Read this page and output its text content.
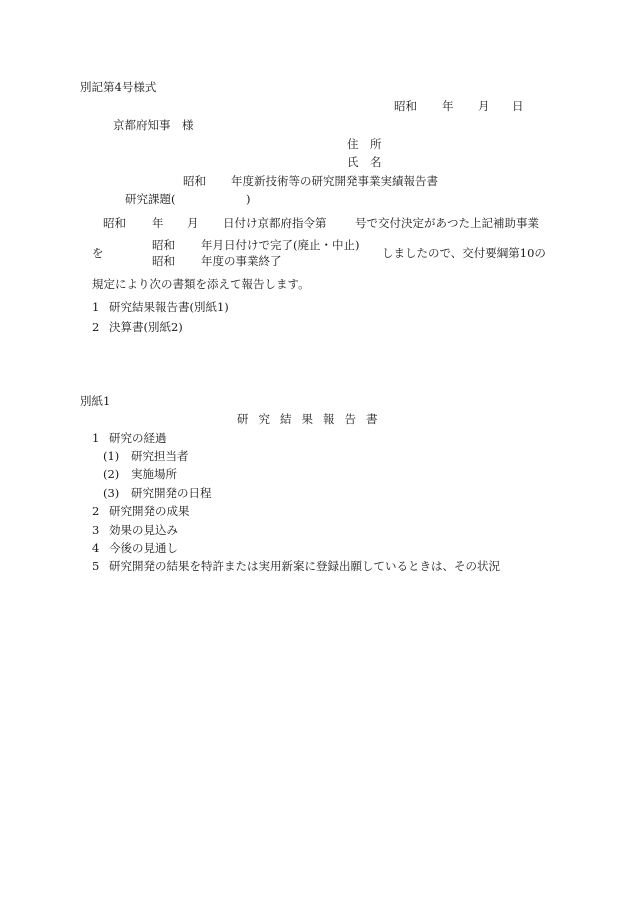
別記第4号様式
昭和 年 月 日
京都府知事　様
住　所
氏　名
昭和 年度新技術等の研究開発事業実績報告書
研究課題(	)
昭和 年 月 日付け京都府指令第 号で交付決定があつた上記補助事業
を
昭和 年月日付けで完了(廃止・中止)
昭和 年度の事業終了
しましたので、交付要綱第10の
規定により次の書類を添えて報告します。
1 研究結果報告書(別紙1)
2 決算書(別紙2)
別紙1
研究結果報告書
1 研究の経過
(1) 研究担当者
(2) 実施場所
(3) 研究開発の日程
2 研究開発の成果
3 効果の見込み
4 今後の見通し
5 研究開発の結果を特許または実用新案に登録出願しているときは、その状況
